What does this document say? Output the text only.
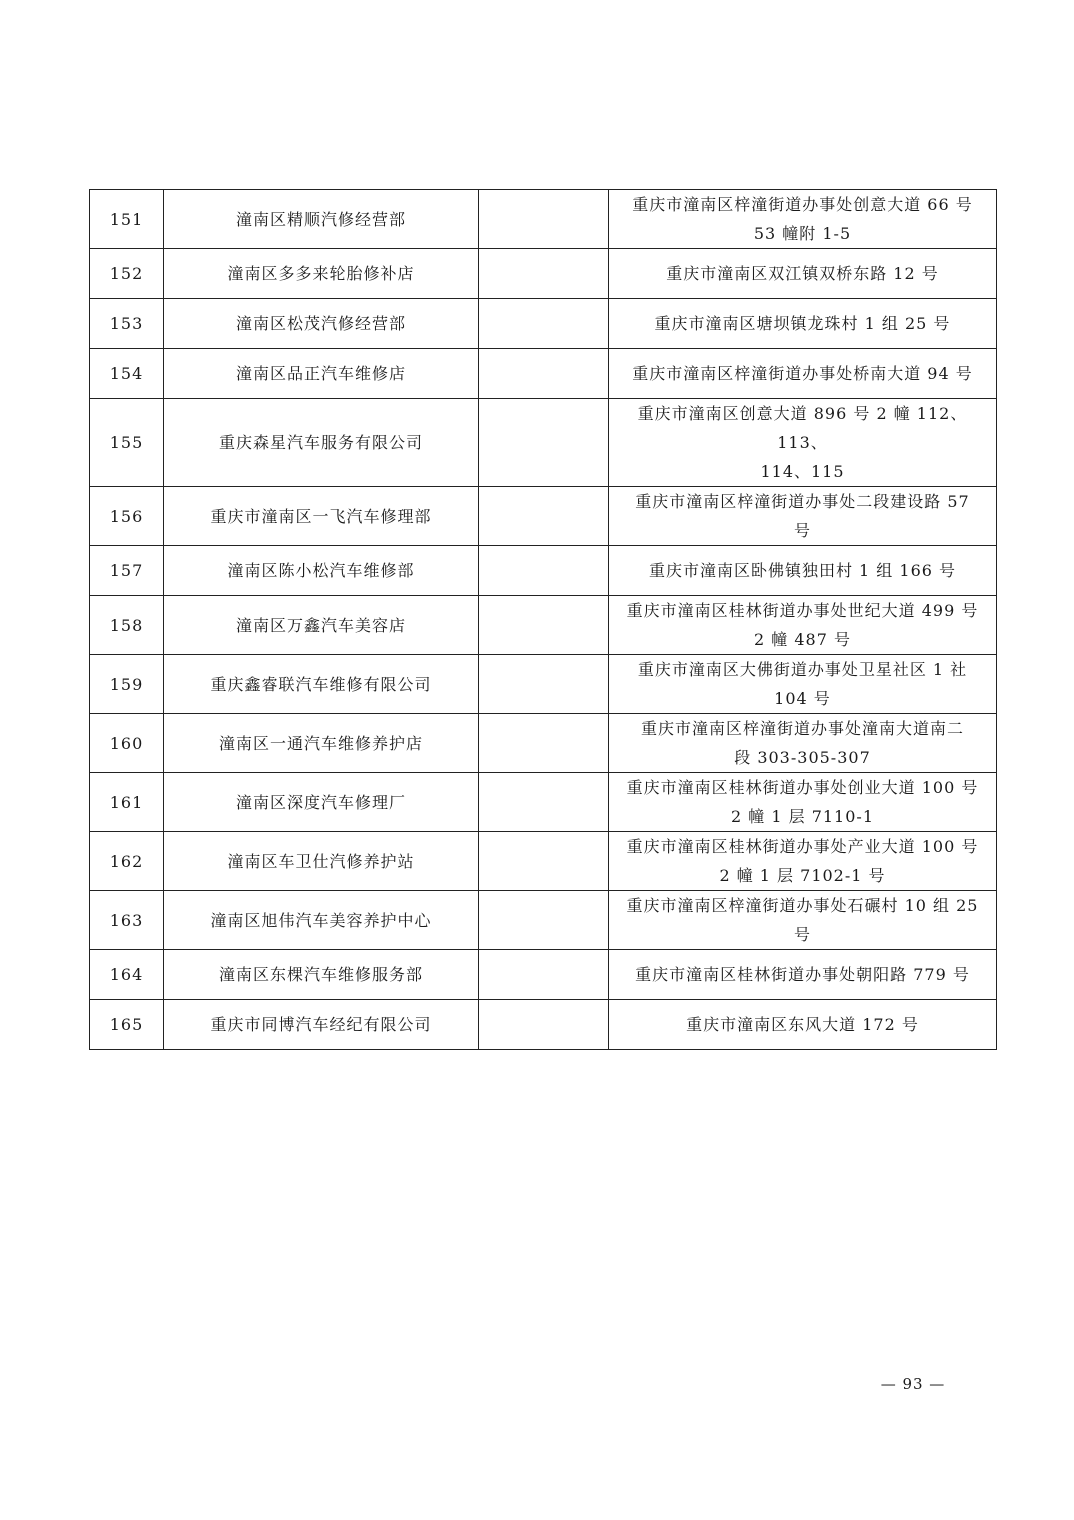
151	潼南区精顺汽修经营部		重庆市潼南区梓潼街道办事处创意大道 66 号
53 幢附 1-5

152	潼南区多多来轮胎修补店		重庆市潼南区双江镇双桥东路 12 号

153	潼南区松茂汽修经营部		重庆市潼南区塘坝镇龙珠村 1 组 25 号

154	潼南区品正汽车维修店		重庆市潼南区梓潼街道办事处桥南大道 94 号

155	重庆森星汽车服务有限公司		重庆市潼南区创意大道 896 号 2 幢 112、113、
114、115

156	重庆市潼南区一飞汽车修理部		重庆市潼南区梓潼街道办事处二段建设路 57
号

157	潼南区陈小松汽车维修部		重庆市潼南区卧佛镇独田村 1 组 166 号

158	潼南区万鑫汽车美容店		重庆市潼南区桂林街道办事处世纪大道 499 号
2 幢 487 号

159	重庆鑫睿联汽车维修有限公司		重庆市潼南区大佛街道办事处卫星社区 1 社
104 号

160	潼南区一通汽车维修养护店		重庆市潼南区梓潼街道办事处潼南大道南二
段 303-305-307

161	潼南区深度汽车修理厂		重庆市潼南区桂林街道办事处创业大道 100 号
2 幢 1 层 7110-1

162	潼南区车卫仕汽修养护站		重庆市潼南区桂林街道办事处产业大道 100 号
2 幢 1 层 7102-1 号

163	潼南区旭伟汽车美容养护中心		重庆市潼南区梓潼街道办事处石碾村 10 组 25
号

164	潼南区东棵汽车维修服务部		重庆市潼南区桂林街道办事处朝阳路 779 号

165	重庆市同博汽车经纪有限公司		重庆市潼南区东风大道 172 号
— 93 —
